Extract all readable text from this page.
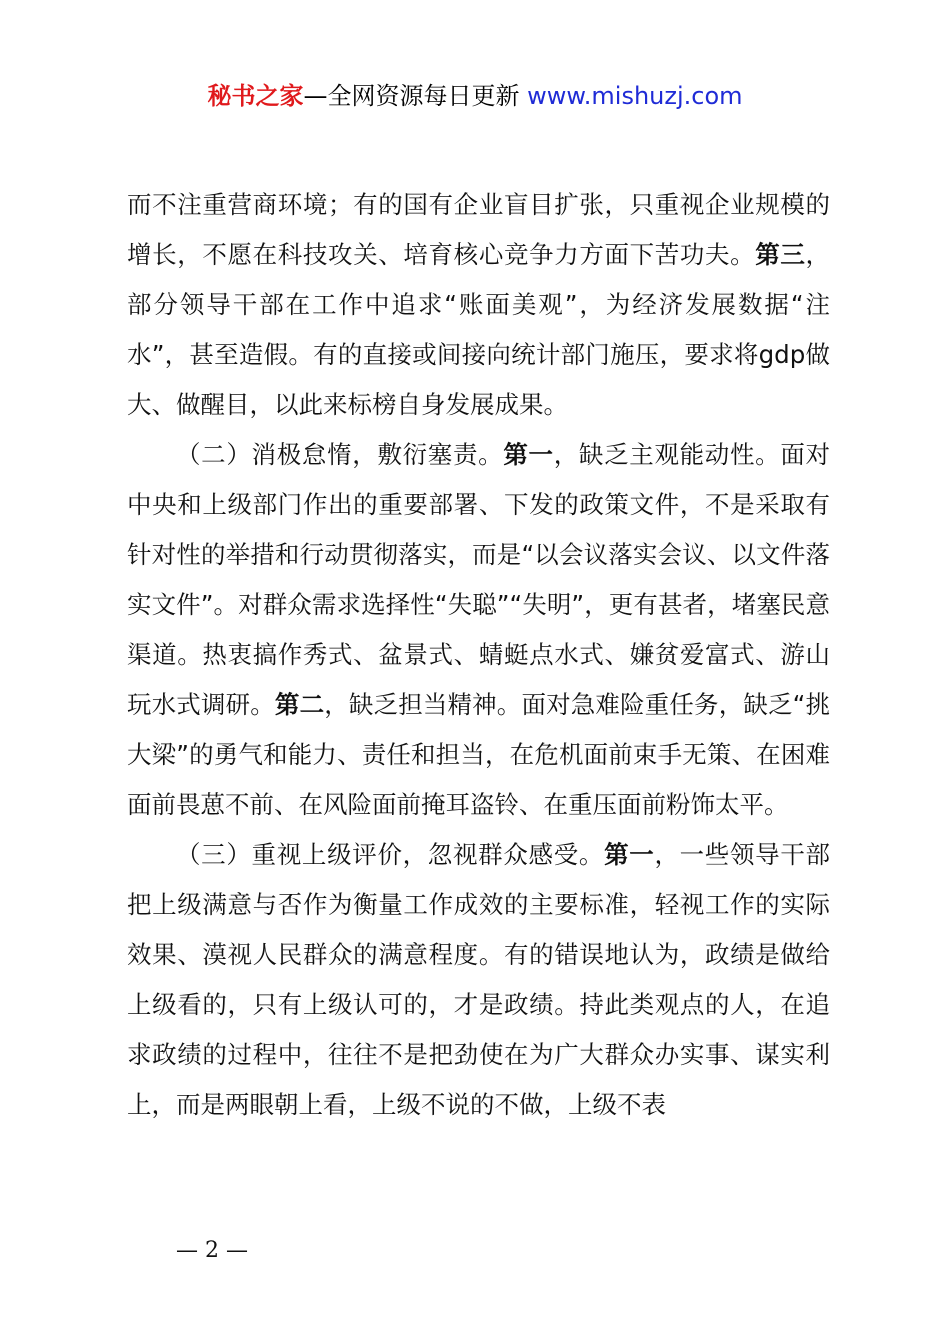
秘书之家—全网资源每日更新 www.mishuzj.com

而不注重营商环境；有的国有企业盲目扩张，只重视企业规模的增长，不愿在科技攻关、培育核心竞争力方面下苦功夫。第三，部分领导干部在工作中追求“账面美观”，为经济发展数据“注水”，甚至造假。有的直接或间接向统计部门施压，要求将gdp做大、做醒目，以此来标榜自身发展成果。

（二）消极怠惰，敷衍塞责。第一，缺乏主观能动性。面对中央和上级部门作出的重要部署、下发的政策文件，不是采取有针对性的举措和行动贯彻落实，而是“以会议落实会议、以文件落实文件”。对群众需求选择性“失聪”“失明”，更有甚者，堵塞民意渠道。热衷搞作秀式、盆景式、蜻蜓点水式、嫌贫爱富式、游山玩水式调研。第二，缺乏担当精神。面对急难险重任务，缺乏“挑大梁”的勇气和能力、责任和担当，在危机面前束手无策、在困难面前畏葸不前、在风险面前掩耳盗铃、在重压面前粉饰太平。

（三）重视上级评价，忽视群众感受。第一，一些领导干部把上级满意与否作为衡量工作成效的主要标准，轻视工作的实际效果、漠视人民群众的满意程度。有的错误地认为，政绩是做给上级看的，只有上级认可的，才是政绩。持此类观点的人，在追求政绩的过程中，往往不是把劲使在为广大群众办实事、谋实利上，而是两眼朝上看，上级不说的不做，上级不表

— 2 —
